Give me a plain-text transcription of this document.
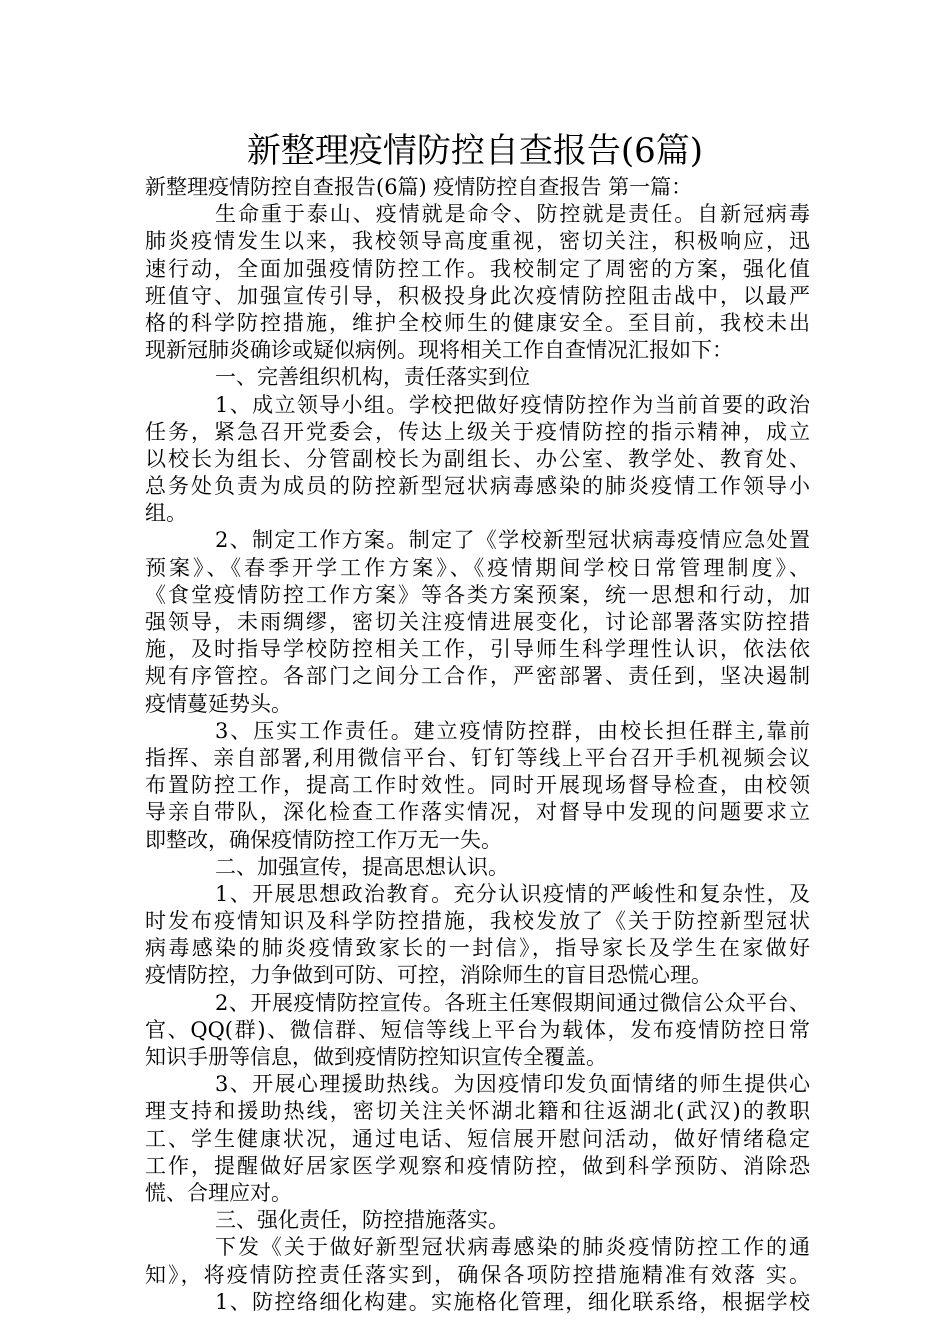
新整理疫情防控自查报告(6篇)
新整理疫情防控自查报告(6篇) 疫情防控自查报告 第一篇：
生命重于泰山、疫情就是命令、防控就是责任。自新冠病毒
肺炎疫情发生以来，我校领导高度重视，密切关注，积极响应，迅
速行动，全面加强疫情防控工作。我校制定了周密的方案，强化值
班值守、加强宣传引导，积极投身此次疫情防控阻击战中，以最严
格的科学防控措施，维护全校师生的健康安全。至目前，我校未出
现新冠肺炎确诊或疑似病例。现将相关工作自查情况汇报如下：
一、完善组织机构，责任落实到位
1、成立领导小组。学校把做好疫情防控作为当前首要的政治
任务，紧急召开党委会，传达上级关于疫情防控的指示精神，成立
以校长为组长、分管副校长为副组长、办公室、教学处、教育处、
总务处负责为成员的防控新型冠状病毒感染的肺炎疫情工作领导小
组。
2、制定工作方案。制定了《学校新型冠状病毒疫情应急处置
预案》、《春季开学工作方案》、《疫情期间学校日常管理制度》、
《食堂疫情防控工作方案》等各类方案预案，统一思想和行动，加
强领导，未雨绸缪，密切关注疫情进展变化，讨论部署落实防控措
施，及时指导学校防控相关工作，引导师生科学理性认识，依法依
规有序管控。各部门之间分工合作，严密部署、责任到，坚决遏制
疫情蔓延势头。
3、压实工作责任。建立疫情防控群，由校长担任群主,靠前
指挥、亲自部署,利用微信平台、钉钉等线上平台召开手机视频会议
布置防控工作，提高工作时效性。同时开展现场督导检查，由校领
导亲自带队，深化检查工作落实情况，对督导中发现的问题要求立
即整改，确保疫情防控工作万无一失。
二、加强宣传，提高思想认识。
1、开展思想政治教育。充分认识疫情的严峻性和复杂性，及
时发布疫情知识及科学防控措施，我校发放了《关于防控新型冠状
病毒感染的肺炎疫情致家长的一封信》，指导家长及学生在家做好
疫情防控，力争做到可防、可控，消除师生的盲目恐慌心理。
2、开展疫情防控宣传。各班主任寒假期间通过微信公众平台、
官、QQ(群)、微信群、短信等线上平台为载体，发布疫情防控日常
知识手册等信息，做到疫情防控知识宣传全覆盖。
3、开展心理援助热线。为因疫情印发负面情绪的师生提供心
理支持和援助热线，密切关注关怀湖北籍和往返湖北(武汉)的教职
工、学生健康状况，通过电话、短信展开慰问活动，做好情绪稳定
工作，提醒做好居家医学观察和疫情防控，做到科学预防、消除恐
慌、合理应对。
三、强化责任，防控措施落实。
下发《关于做好新型冠状病毒感染的肺炎疫情防控工作的通
知》，将疫情防控责任落实到，确保各项防控措施精准有效落 实。
1、防控络细化构建。实施格化管理，细化联系络，根据学校
